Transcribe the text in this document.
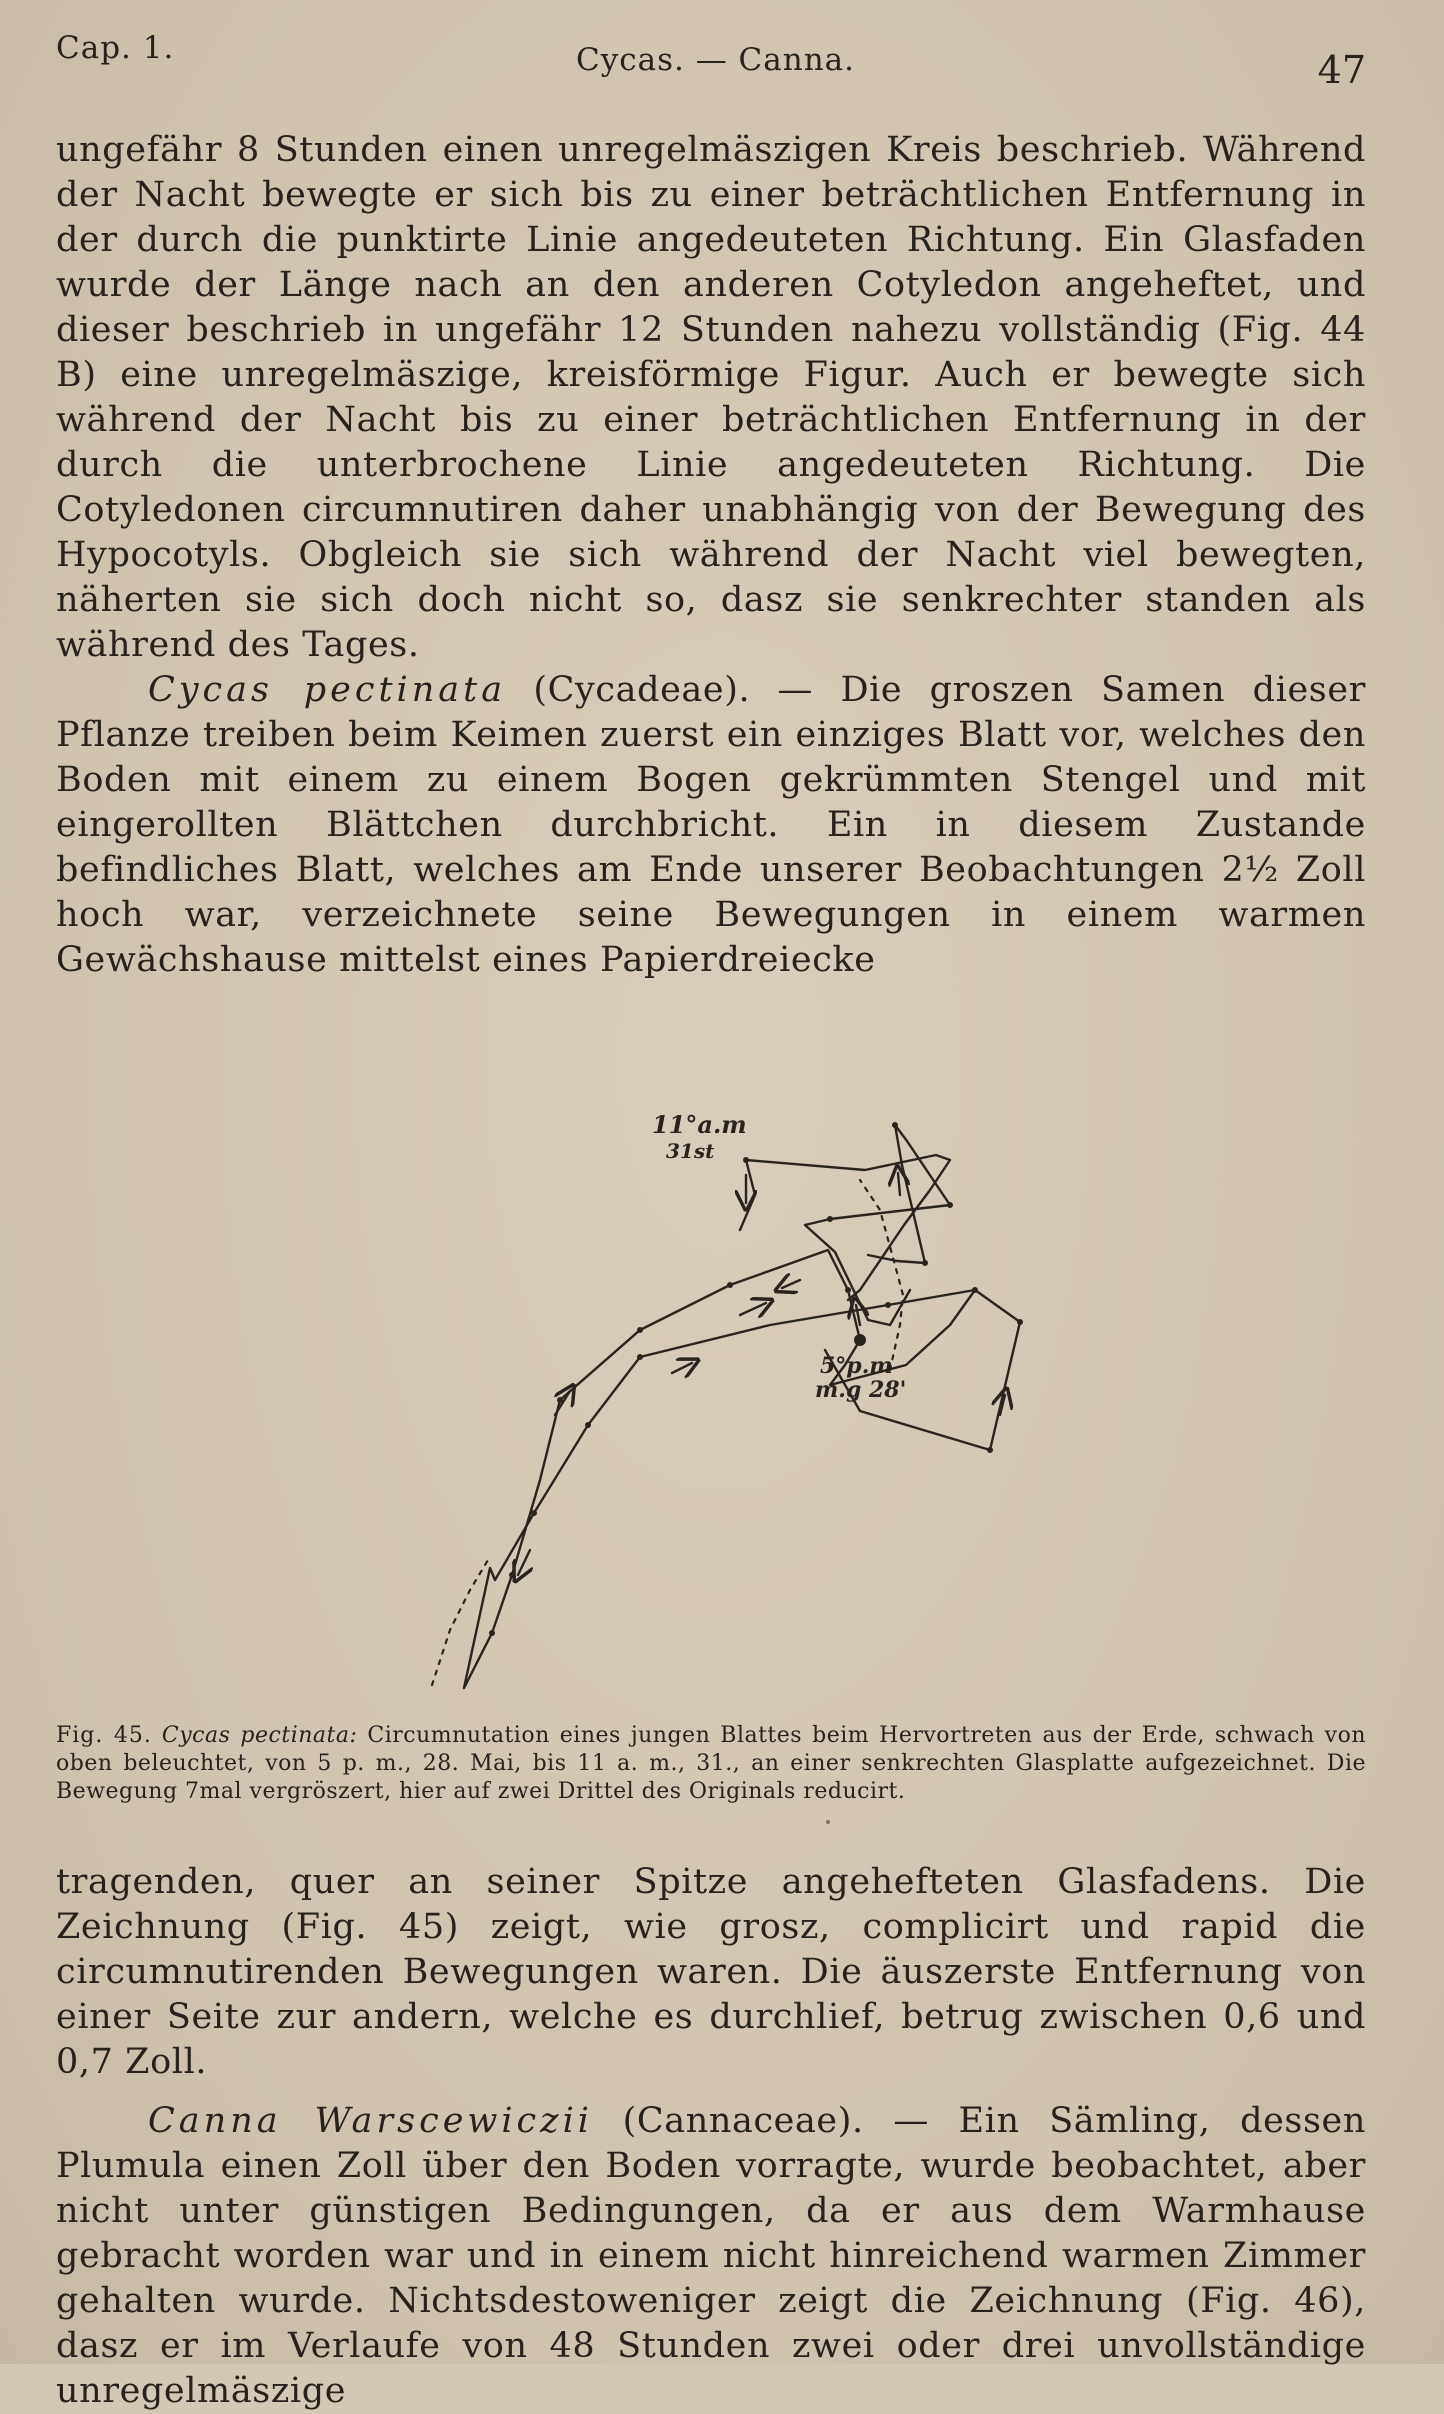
Cap. 1.	Cycas. — Canna.	47

ungefähr 8 Stunden einen unregelmäszigen Kreis beschrieb. Während der Nacht bewegte er sich bis zu einer beträchtlichen Entfernung in der durch die punktirte Linie angedeuteten Richtung. Ein Glasfaden wurde der Länge nach an den anderen Cotyledon angeheftet, und dieser beschrieb in ungefähr 12 Stunden nahezu vollständig (Fig. 44 B) eine unregelmäszige, kreisförmige Figur. Auch er bewegte sich während der Nacht bis zu einer beträchtlichen Entfernung in der durch die unterbrochene Linie angedeuteten Richtung. Die Cotyledonen circumnutiren daher unabhängig von der Bewegung des Hypocotyls. Obgleich sie sich während der Nacht viel bewegten, näherten sie sich doch nicht so, dasz sie senkrechter standen als während des Tages.

Cycas pectinata (Cycadeae). — Die groszen Samen dieser Pflanze treiben beim Keimen zuerst ein einziges Blatt vor, welches den Boden mit einem zu einem Bogen gekrümmten Stengel und mit eingerollten Blättchen durchbricht. Ein in diesem Zustande befindliches Blatt, welches am Ende unserer Beobachtungen 2½ Zoll hoch war, verzeichnete seine Bewegungen in einem warmen Gewächshause mittelst eines Papierdreiecke

11°a.m
31st
5°p.m
m.g 28'
Fig. 45. Cycas pectinata: Circumnutation eines jungen Blattes beim Hervortreten aus der Erde, schwach von oben beleuchtet, von 5 p. m., 28. Mai, bis 11 a. m., 31., an einer senkrechten Glasplatte aufgezeichnet. Die Bewegung 7mal vergröszert, hier auf zwei Drittel des Originals reducirt.

tragenden, quer an seiner Spitze angehefteten Glasfadens. Die Zeichnung (Fig. 45) zeigt, wie grosz, complicirt und rapid die circumnutirenden Bewegungen waren. Die äuszerste Entfernung von einer Seite zur andern, welche es durchlief, betrug zwischen 0,6 und 0,7 Zoll.

Canna Warscewiczii (Cannaceae). — Ein Sämling, dessen Plumula einen Zoll über den Boden vorragte, wurde beobachtet, aber nicht unter günstigen Bedingungen, da er aus dem Warmhause gebracht worden war und in einem nicht hinreichend warmen Zimmer gehalten wurde. Nichtsdestoweniger zeigt die Zeichnung (Fig. 46), dasz er im Verlaufe von 48 Stunden zwei oder drei unvollständige unregelmäszige
